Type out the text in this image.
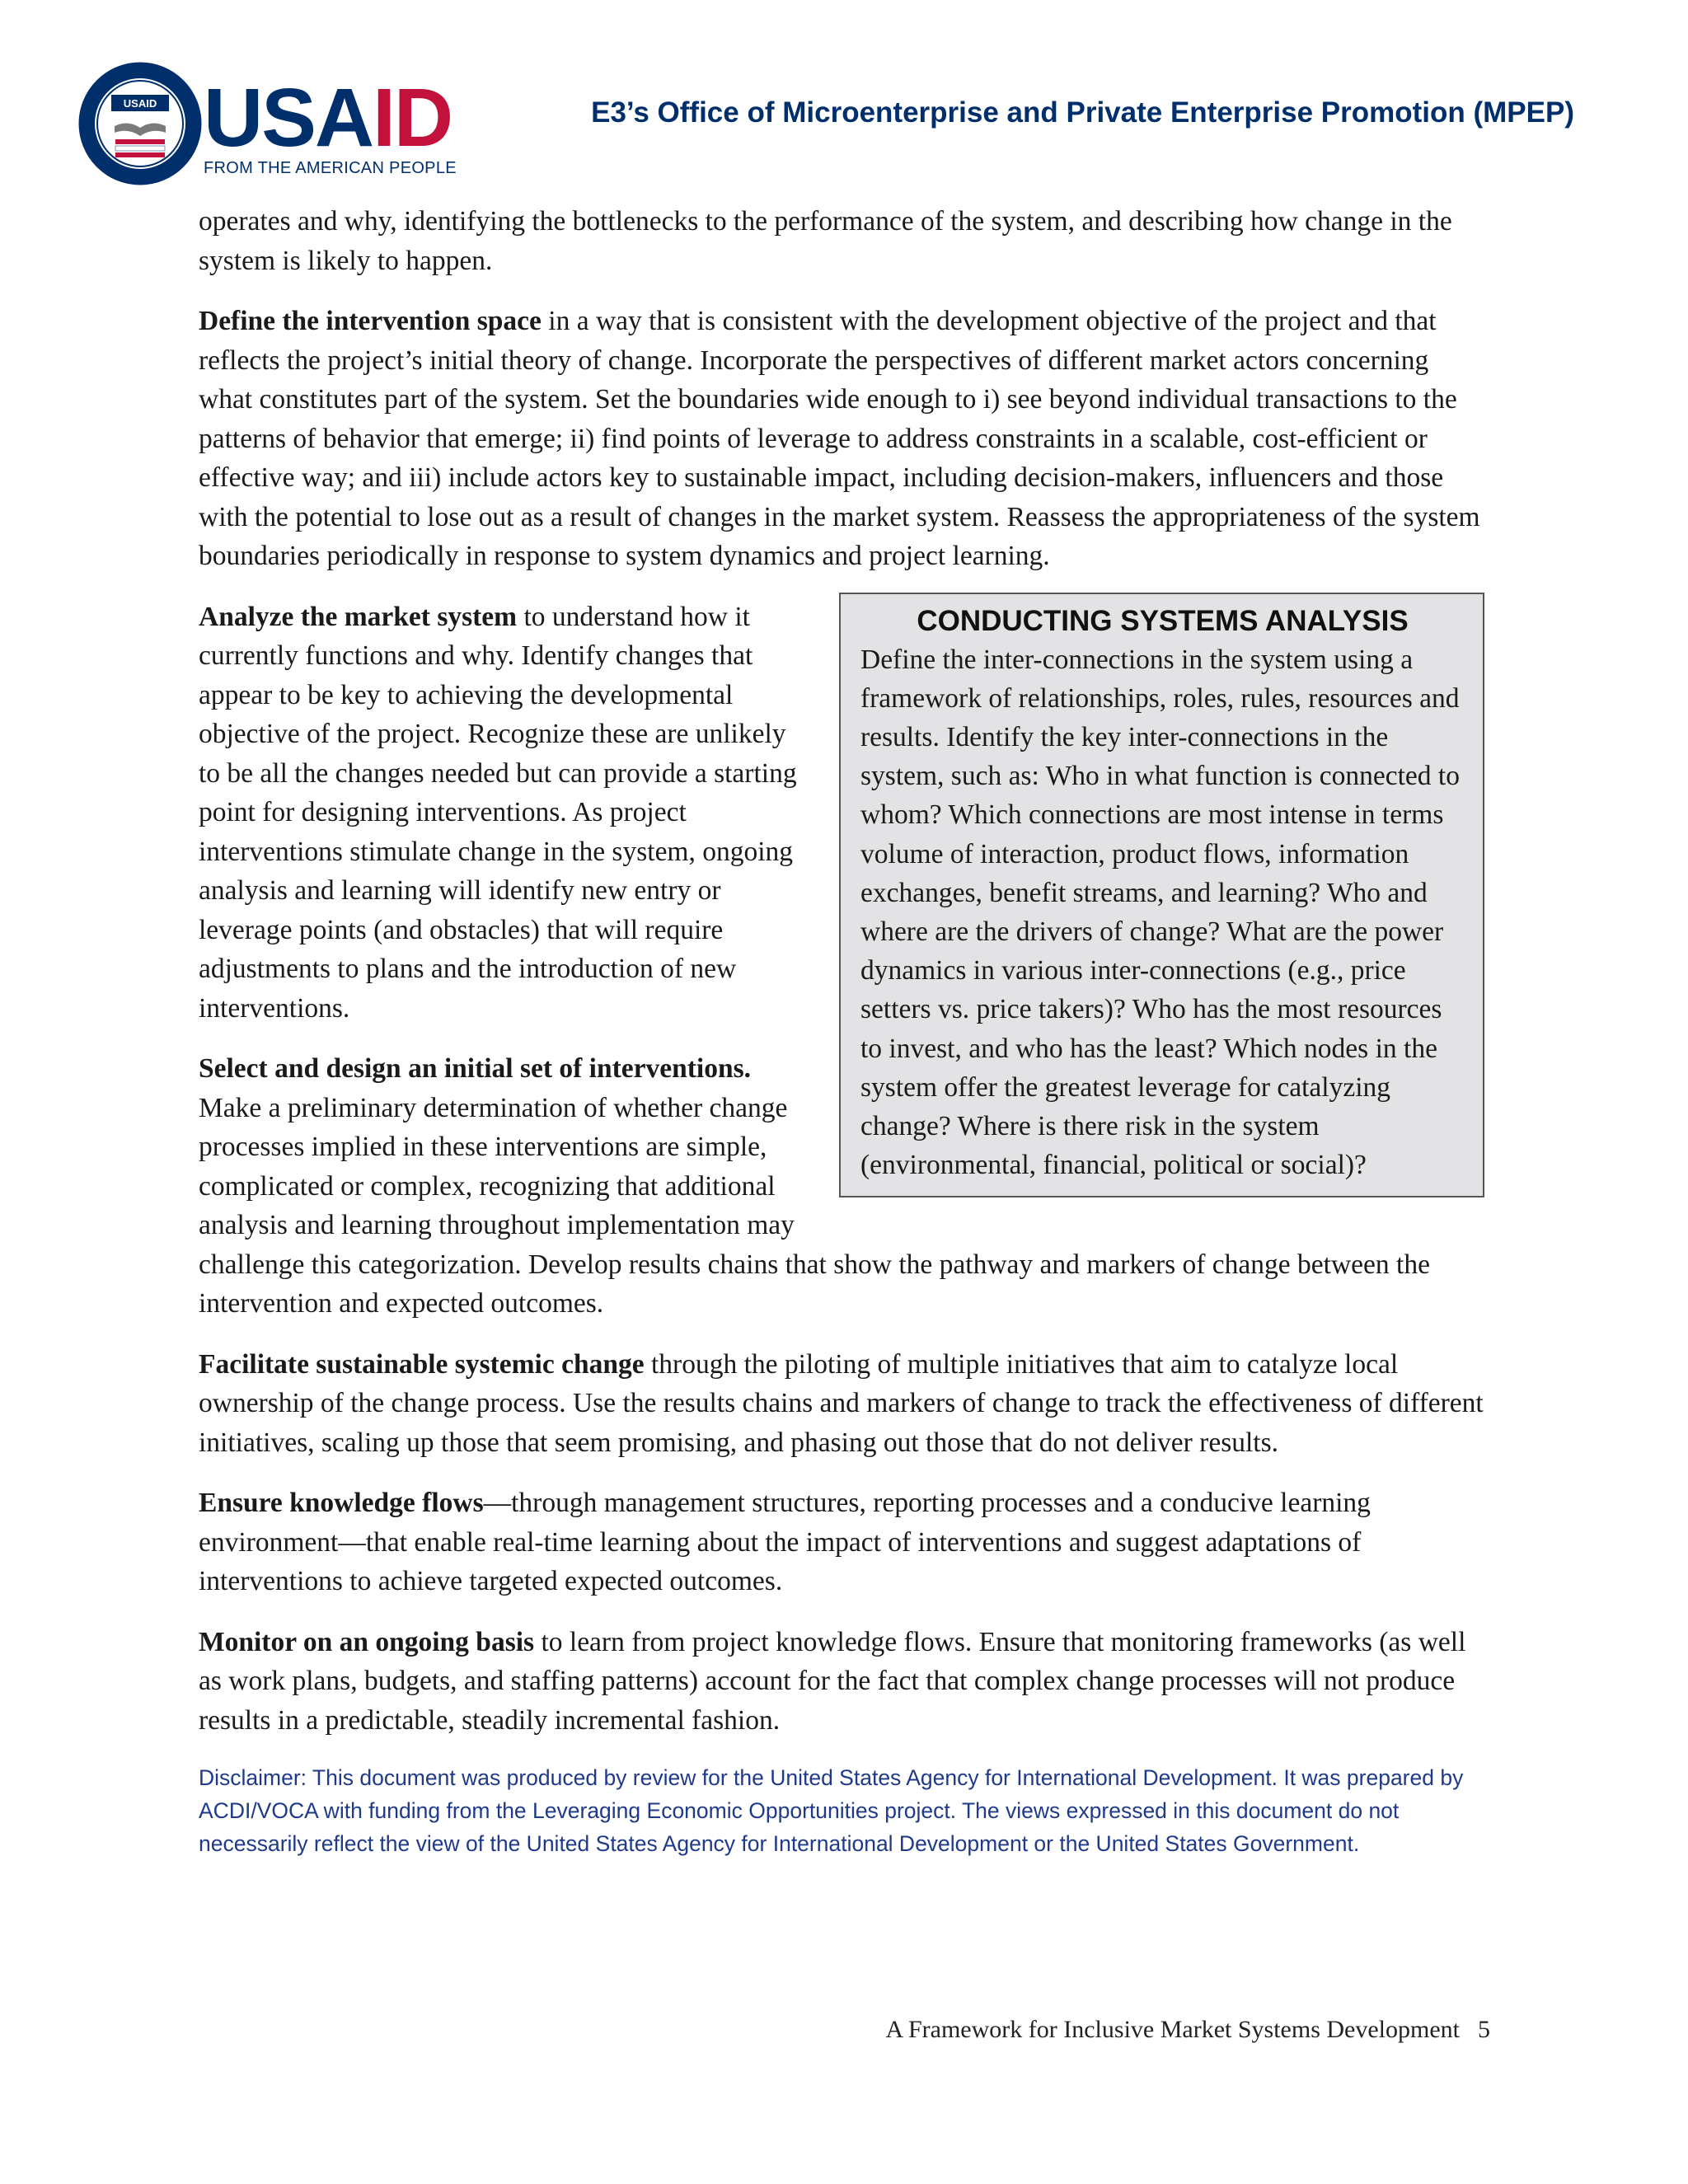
USAID USAID
FROM THE AMERICAN PEOPLE
E3’s Office of Microenterprise and Private Enterprise Promotion (MPEP)

operates and why, identifying the bottlenecks to the performance of the system, and describing how change in the system is likely to happen.

Define the intervention space in a way that is consistent with the development objective of the project and that reflects the project’s initial theory of change. Incorporate the perspectives of different market actors concerning what constitutes part of the system. Set the boundaries wide enough to i) see beyond individual transactions to the patterns of behavior that emerge; ii) find points of leverage to address constraints in a scalable, cost-efficient or effective way; and iii) include actors key to sustainable impact, including decision-makers, influencers and those with the potential to lose out as a result of changes in the market system. Reassess the appropriateness of the system boundaries periodically in response to system dynamics and project learning.

CONDUCTING SYSTEMS ANALYSIS
Define the inter-connections in the system using a framework of relationships, roles, rules, resources and results. Identify the key inter-connections in the system, such as: Who in what function is connected to whom? Which connections are most intense in terms volume of interaction, product flows, information exchanges, benefit streams, and learning? Who and where are the drivers of change? What are the power dynamics in various inter-connections (e.g., price setters vs. price takers)? Who has the most resources to invest, and who has the least? Which nodes in the system offer the greatest leverage for catalyzing change? Where is there risk in the system (environmental, financial, political or social)?

Analyze the market system to understand how it currently functions and why. Identify changes that appear to be key to achieving the developmental objective of the project. Recognize these are unlikely to be all the changes needed but can provide a starting point for designing interventions. As project interventions stimulate change in the system, ongoing analysis and learning will identify new entry or leverage points (and obstacles) that will require adjustments to plans and the introduction of new interventions.

Select and design an initial set of interventions. Make a preliminary determination of whether change processes implied in these interventions are simple, complicated or complex, recognizing that additional analysis and learning throughout implementation may challenge this categorization. Develop results chains that show the pathway and markers of change between the intervention and expected outcomes.

Facilitate sustainable systemic change through the piloting of multiple initiatives that aim to catalyze local ownership of the change process. Use the results chains and markers of change to track the effectiveness of different initiatives, scaling up those that seem promising, and phasing out those that do not deliver results.

Ensure knowledge flows—through management structures, reporting processes and a conducive learning environment—that enable real-time learning about the impact of interventions and suggest adaptations of interventions to achieve targeted expected outcomes.

Monitor on an ongoing basis to learn from project knowledge flows. Ensure that monitoring frameworks (as well as work plans, budgets, and staffing patterns) account for the fact that complex change processes will not produce results in a predictable, steadily incremental fashion.

Disclaimer: This document was produced by review for the United States Agency for International Development. It was prepared by ACDI/VOCA with funding from the Leveraging Economic Opportunities project. The views expressed in this document do not necessarily reflect the view of the United States Agency for International Development or the United States Government.
A Framework for Inclusive Market Systems Development 5
